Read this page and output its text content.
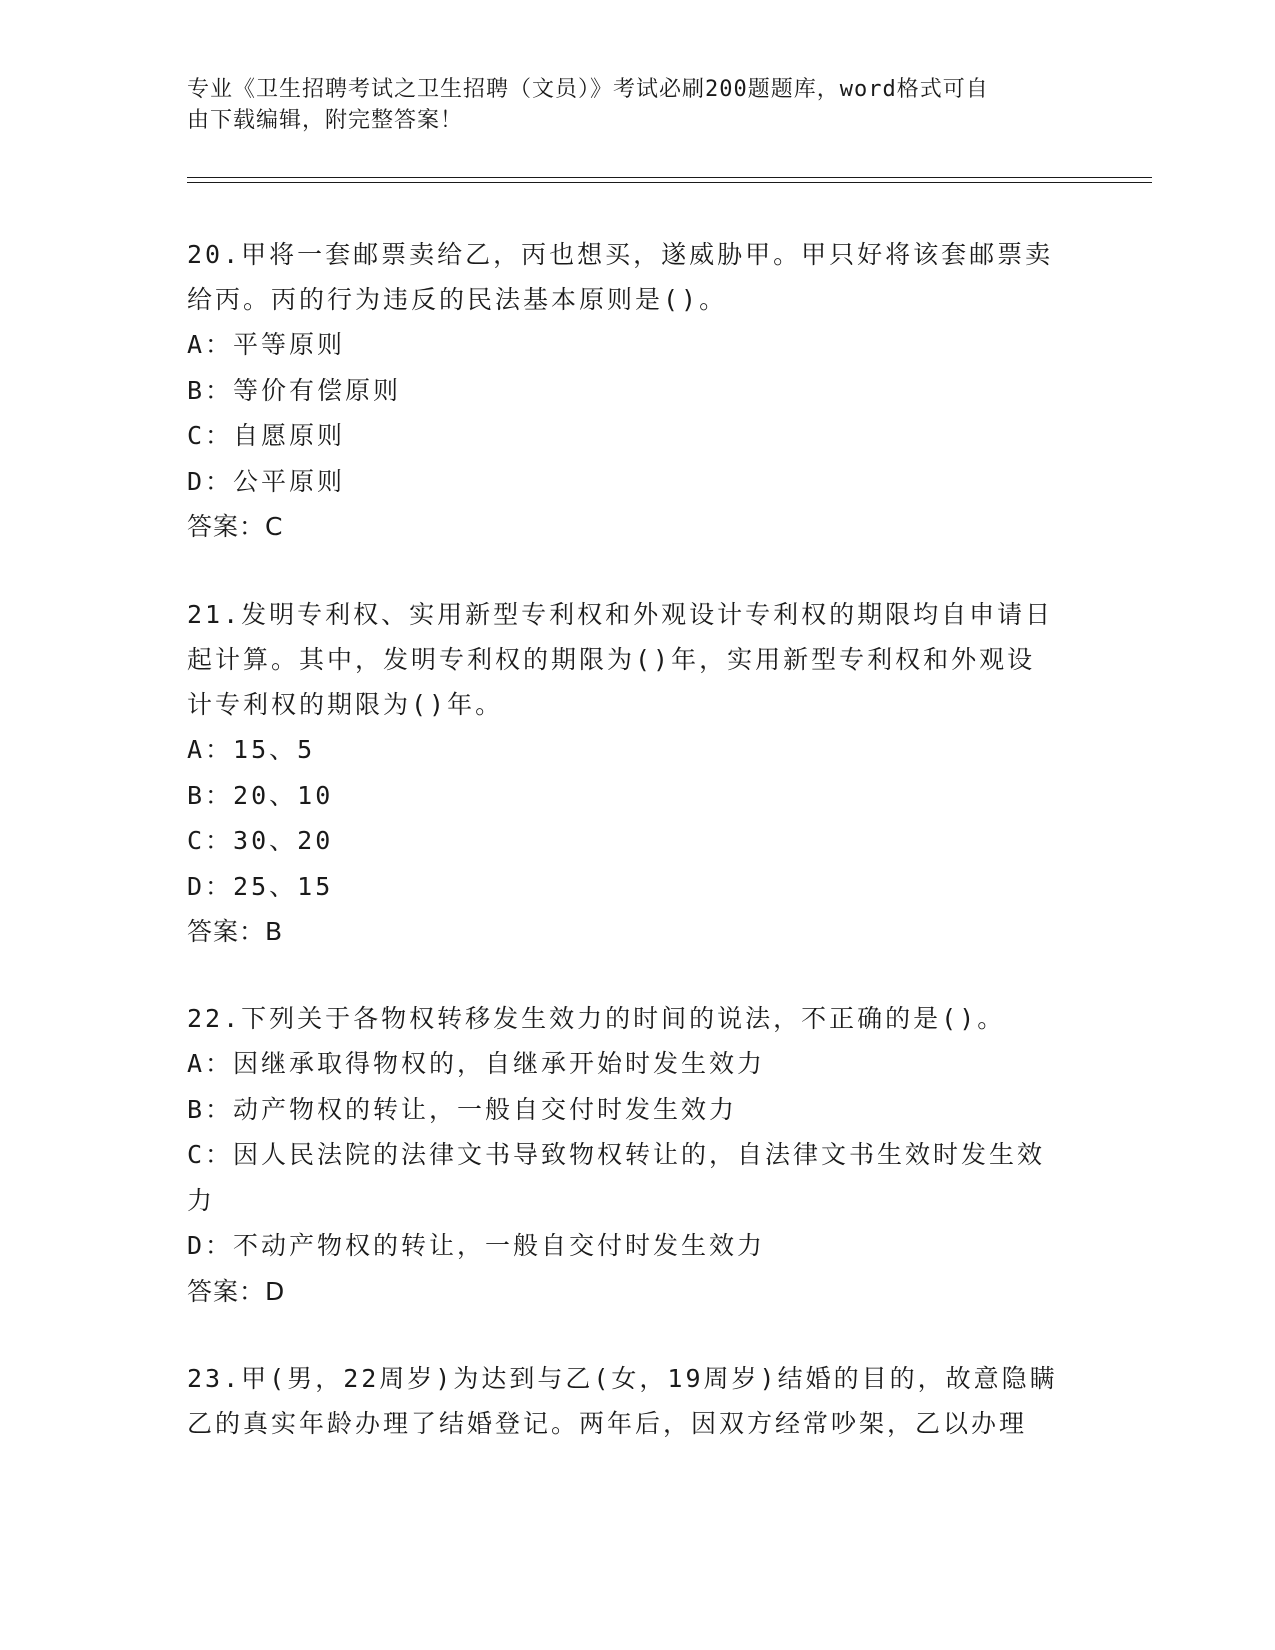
专业《卫生招聘考试之卫生招聘（文员）》考试必刷200题题库，word格式可自
由下载编辑，附完整答案！
20.甲将一套邮票卖给乙，丙也想买，遂威胁甲。甲只好将该套邮票卖
给丙。丙的行为违反的民法基本原则是()。
A：平等原则
B：等价有偿原则
C：自愿原则
D：公平原则
答案：C
21.发明专利权、实用新型专利权和外观设计专利权的期限均自申请日
起计算。其中，发明专利权的期限为()年，实用新型专利权和外观设
计专利权的期限为()年。
A：15、5
B：20、10
C：30、20
D：25、15
答案：B
22.下列关于各物权转移发生效力的时间的说法，不正确的是()。
A：因继承取得物权的，自继承开始时发生效力
B：动产物权的转让，一般自交付时发生效力
C：因人民法院的法律文书导致物权转让的，自法律文书生效时发生效
力
D：不动产物权的转让，一般自交付时发生效力
答案：D
23.甲(男，22周岁)为达到与乙(女，19周岁)结婚的目的，故意隐瞒
乙的真实年龄办理了结婚登记。两年后，因双方经常吵架，乙以办理
